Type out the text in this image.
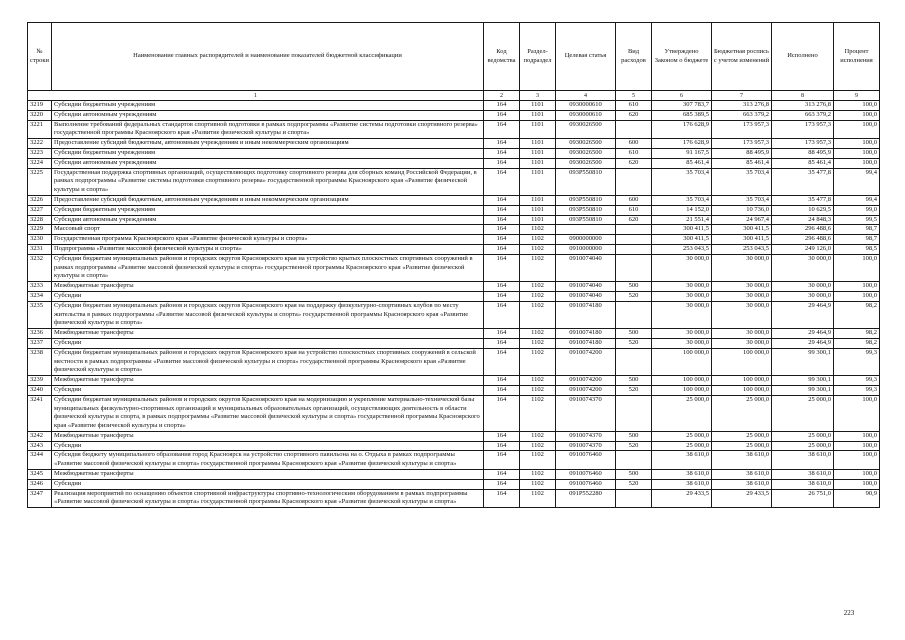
№ строки	Наименование главных распорядителей и наименование показателей бюджетной классификации	Код ведомства	Раздел-подраздел	Целевая статья	Вид расходов	Утверждено Законом о бюджете	Бюджетная роспись с учетом изменений	Исполнено	Процент исполнения
1		2	3	4	5	6	7	8	9
3219	Субсидии бюджетным учреждениям	164	1101	0930000610	610	307 783,7	313 276,8	313 276,8	100,0
3220	Субсидии автономным учреждениям	164	1101	0930000610	620	685 389,5	663 379,2	663 379,2	100,0
3221	Выполнение требований федеральных стандартов спортивной подготовки в рамках подпрограммы «Развитие системы подготовки спортивного резерва» государственной программы Красноярского края «Развитие физической культуры и спорта»	164	1101	0930026500		176 628,9	173 957,3	173 957,3	100,0
3222	Предоставление субсидий бюджетным, автономным учреждениям и иным некоммерческим организациям	164	1101	0930026500	600	176 628,9	173 957,3	173 957,3	100,0
3223	Субсидии бюджетным учреждениям	164	1101	0930026500	610	91 167,5	88 495,9	88 495,9	100,0
3224	Субсидии автономным учреждениям	164	1101	0930026500	620	85 461,4	85 461,4	85 461,4	100,0
3225	Государственная поддержка спортивных организаций, осуществляющих подготовку спортивного резерва для сборных команд Российской Федерации, в рамках подпрограммы «Развитие системы подготовки спортивного резерва» государственной программы Красноярского края «Развитие физической культуры и спорта»	164	1101	093P550810		35 703,4	35 703,4	35 477,8	99,4
3226	Предоставление субсидий бюджетным, автономным учреждениям и иным некоммерческим организациям	164	1101	093P550810	600	35 703,4	35 703,4	35 477,8	99,4
3227	Субсидии бюджетным учреждениям	164	1101	093P550810	610	14 152,0	10 736,0	10 629,5	99,0
3228	Субсидии автономным учреждениям	164	1101	093P550810	620	21 551,4	24 967,4	24 848,3	99,5
3229	Массовый спорт	164	1102			300 411,5	300 411,5	296 488,6	98,7
3230	Государственная программа Красноярского края «Развитие физической культуры и спорта»	164	1102	0900000000		300 411,5	300 411,5	296 488,6	98,7
3231	Подпрограмма «Развитие массовой физической культуры и спорта»	164	1102	0910000000		253 043,5	253 043,5	249 126,0	98,5
3232	Субсидии бюджетам муниципальных районов и городских округов Красноярского края на устройство крытых плоскостных спортивных сооружений в рамках подпрограммы «Развитие массовой физической культуры и спорта» государственной программы Красноярского края «Развитие физической культуры и спорта»	164	1102	0910074040		30 000,0	30 000,0	30 000,0	100,0
3233	Межбюджетные трансферты	164	1102	0910074040	500	30 000,0	30 000,0	30 000,0	100,0
3234	Субсидии	164	1102	0910074040	520	30 000,0	30 000,0	30 000,0	100,0
3235	Субсидии бюджетам муниципальных районов и городских округов Красноярского края на поддержку физкультурно-спортивных клубов по месту жительства в рамках подпрограммы «Развитие массовой физической культуры и спорта» государственной программы Красноярского края «Развитие физической культуры и спорта»	164	1102	0910074180		30 000,0	30 000,0	29 464,9	98,2
3236	Межбюджетные трансферты	164	1102	0910074180	500	30 000,0	30 000,0	29 464,9	98,2
3237	Субсидии	164	1102	0910074180	520	30 000,0	30 000,0	29 464,9	98,2
3238	Субсидии бюджетам муниципальных районов и городских округов Красноярского края на устройство плоскостных спортивных сооружений в сельской местности в рамках подпрограммы «Развитие массовой физической культуры и спорта» государственной программы Красноярского края «Развитие физической культуры и спорта»	164	1102	0910074200		100 000,0	100 000,0	99 300,1	99,3
3239	Межбюджетные трансферты	164	1102	0910074200	500	100 000,0	100 000,0	99 300,1	99,3
3240	Субсидии	164	1102	0910074200	520	100 000,0	100 000,0	99 300,1	99,3
3241	Субсидии бюджетам муниципальных районов и городских округов Красноярского края на модернизацию и укрепление материально-технической базы муниципальных физкультурно-спортивных организаций и муниципальных образовательных организаций, осуществляющих деятельность в области физической культуры и спорта, в рамках подпрограммы «Развитие массовой физической культуры и спорта» государственной программы Красноярского края «Развитие физической культуры и спорта»	164	1102	0910074370		25 000,0	25 000,0	25 000,0	100,0
3242	Межбюджетные трансферты	164	1102	0910074370	500	25 000,0	25 000,0	25 000,0	100,0
3243	Субсидии	164	1102	0910074370	520	25 000,0	25 000,0	25 000,0	100,0
3244	Субсидия бюджету муниципального образования город Красноярск на устройство спортивного павильона на о. Отдыха в рамках подпрограммы «Развитие массовой физической культуры и спорта» государственной программы Красноярского края «Развитие физической культуры и спорта»	164	1102	0910076460		38 610,0	38 610,0	38 610,0	100,0
3245	Межбюджетные трансферты	164	1102	0910076460	500	38 610,0	38 610,0	38 610,0	100,0
3246	Субсидии	164	1102	0910076460	520	38 610,0	38 610,0	38 610,0	100,0
3247	Реализация мероприятий по оснащению объектов спортивной инфраструктуры спортивно-технологическим оборудованием в рамках подпрограммы «Развитие массовой физической культуры и спорта» государственной программы Красноярского края «Развитие физической культуры и спорта»	164	1102	091P552280		29 433,5	29 433,5	26 751,0	90,9
223
